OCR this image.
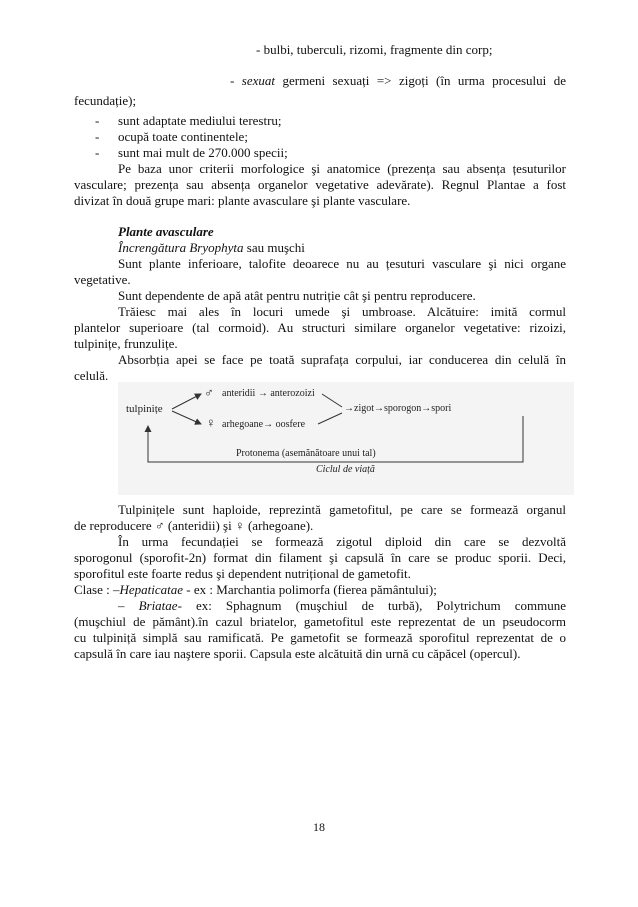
- bulbi, tuberculi, rizomi, fragmente din corp;

- sexuat germeni sexuați => zigoți (în urma procesului de

fecundație);

- sunt adaptate mediului terestru;

- ocupă toate continentele;

- sunt mai mult de 270.000 specii;

Pe baza unor criterii morfologice şi anatomice (prezența sau absența țesuturilor

vasculare; prezența sau absența organelor vegetative adevărate). Regnul Plantae a fost

divizat în două grupe mari: plante avasculare şi plante vasculare.

Plante avasculare

Încrengătura Bryophyta sau muşchi

Sunt plante inferioare, talofite deoarece nu au țesuturi vasculare şi nici organe

vegetative.

Sunt dependente de apă atât pentru nutriție cât şi pentru reproducere.

Trăiesc mai ales în locuri umede şi umbroase. Alcătuire: imită cormul

plantelor superioare (tal cormoid). Au structuri similare organelor vegetative: rizoizi,

tulpinițe, frunzulițe.

Absorbția apei se face pe toată suprafața corpului, iar conducerea din celulă în

celulă.

tulpinițe
♂ anteridii → anterozoizi
♀ arhegoane→ oosfere
→zigot→sporogon→spori
Protonema (asemănătoare unui tal)
Ciclul de viață

Tulpinițele sunt haploide, reprezintă gametofitul, pe care se formează organul

de reproducere ♂ (anteridii) şi ♀ (arhegoane).

În urma fecundației se formează zigotul diploid din care se dezvoltă

sporogonul (sporofit-2n) format din filament şi capsulă în care se produc sporii. Deci,

sporofitul este foarte redus şi dependent nutrițional de gametofit.

Clase : –Hepaticatae - ex : Marchantia polimorfa (fierea pământului);

– Briatae- ex: Sphagnum (muşchiul de turbă), Polytrichum commune

(muşchiul de pământ).în cazul briatelor, gametofitul este reprezentat de un pseudocorm

cu tulpiniță simplă sau ramificată. Pe gametofit se formează sporofitul reprezentat de o

capsulă în care iau naştere sporii. Capsula este alcătuită din urnă cu căpăcel (opercul).

18
